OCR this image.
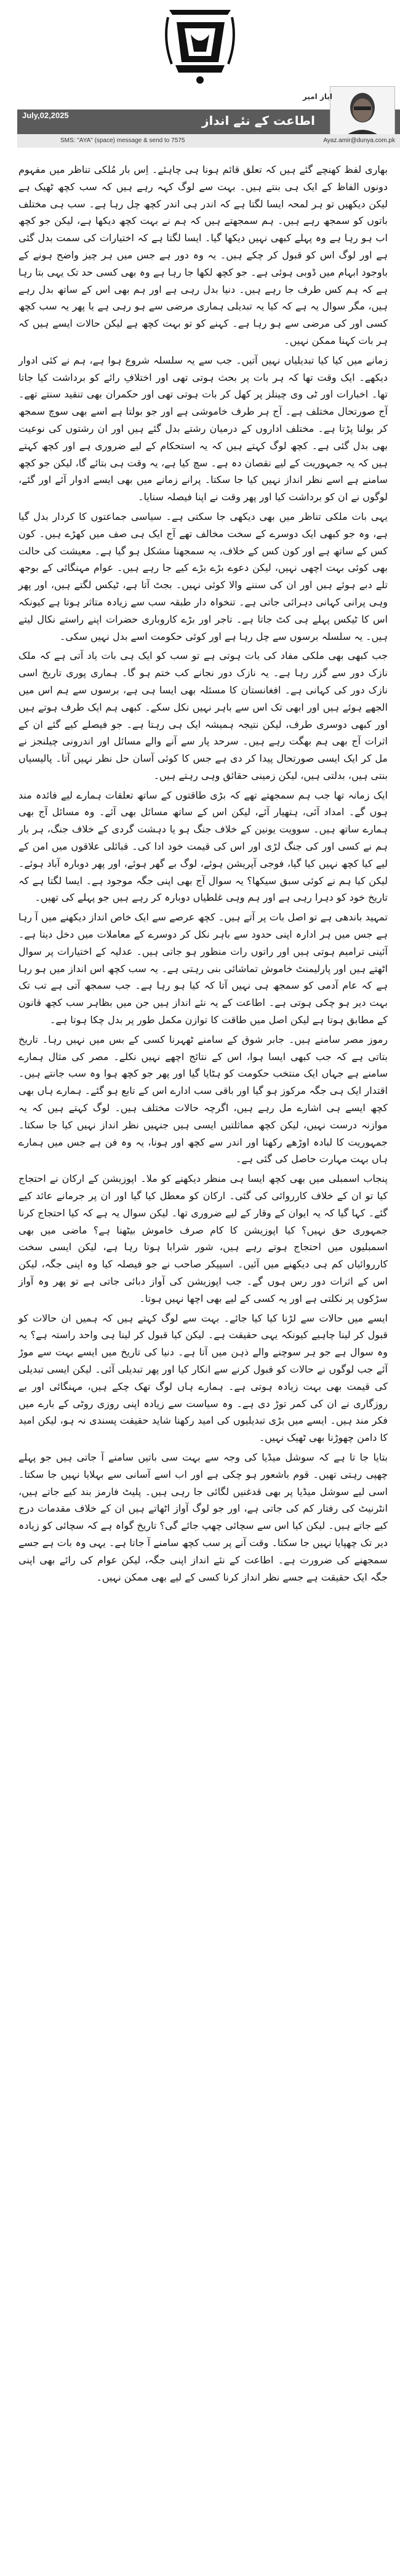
اطاعت کے نئے انداز
ایاز امیر
July,02,2025
SMS: "AYA" (space) message & send to 7575	Ayaz.amir@dunya.com.pk

بھاری لفظ کھنچے گئے ہیں کہ تعلق قائم ہونا ہی چاہئے۔ اِس بار مُلکی تناظر میں مفہوم دونوں الفاظ کے ایک ہی بنتے ہیں۔ بہت سے لوگ کہہ رہے ہیں کہ سب کچھ ٹھیک ہے لیکن دیکھیں تو ہر لمحہ ایسا لگتا ہے کہ اندر ہی اندر کچھ چل رہا ہے۔ سب ہی مختلف باتوں کو سمجھ رہے ہیں۔ ہم سمجھتے ہیں کہ ہم نے بہت کچھ دیکھا ہے، لیکن جو کچھ اب ہو رہا ہے وہ پہلے کبھی نہیں دیکھا گیا۔ ایسا لگتا ہے کہ اختیارات کی سمت بدل گئی ہے اور لوگ اس کو قبول کر چکے ہیں۔ یہ وہ دور ہے جس میں ہر چیز واضح ہونے کے باوجود ابہام میں ڈوبی ہوئی ہے۔ جو کچھ لکھا جا رہا ہے وہ بھی کسی حد تک یہی بتا رہا ہے کہ ہم کس طرف جا رہے ہیں۔ دنیا بدل رہی ہے اور ہم بھی اس کے ساتھ بدل رہے ہیں، مگر سوال یہ ہے کہ کیا یہ تبدیلی ہماری مرضی سے ہو رہی ہے یا پھر یہ سب کچھ کسی اور کی مرضی سے ہو رہا ہے۔ کہنے کو تو بہت کچھ ہے لیکن حالات ایسے ہیں کہ ہر بات کہنا ممکن نہیں۔

زمانے میں کیا کیا تبدیلیاں نہیں آتیں۔ جب سے یہ سلسلہ شروع ہوا ہے، ہم نے کئی ادوار دیکھے۔ ایک وقت تھا کہ ہر بات پر بحث ہوتی تھی اور اختلافِ رائے کو برداشت کیا جاتا تھا۔ اخبارات اور ٹی وی چینلز پر کھل کر بات ہوتی تھی اور حکمران بھی تنقید سنتے تھے۔ آج صورتحال مختلف ہے۔ آج ہر طرف خاموشی ہے اور جو بولتا ہے اسے بھی سوچ سمجھ کر بولنا پڑتا ہے۔ مختلف اداروں کے درمیان رشتے بدل گئے ہیں اور ان رشتوں کی نوعیت بھی بدل گئی ہے۔ کچھ لوگ کہتے ہیں کہ یہ استحکام کے لیے ضروری ہے اور کچھ کہتے ہیں کہ یہ جمہوریت کے لیے نقصان دہ ہے۔ سچ کیا ہے، یہ وقت ہی بتائے گا، لیکن جو کچھ سامنے ہے اسے نظر انداز نہیں کیا جا سکتا۔ پرانے زمانے میں بھی ایسے ادوار آئے اور گئے، لوگوں نے ان کو برداشت کیا اور پھر وقت نے اپنا فیصلہ سنایا۔

یہی بات ملکی تناظر میں بھی دیکھی جا سکتی ہے۔ سیاسی جماعتوں کا کردار بدل گیا ہے، وہ جو کبھی ایک دوسرے کے سخت مخالف تھے آج ایک ہی صف میں کھڑے ہیں۔ کون کس کے ساتھ ہے اور کون کس کے خلاف، یہ سمجھنا مشکل ہو گیا ہے۔ معیشت کی حالت بھی کوئی بہت اچھی نہیں، لیکن دعوے بڑے بڑے کیے جا رہے ہیں۔ عوام مہنگائی کے بوجھ تلے دبے ہوئے ہیں اور ان کی سننے والا کوئی نہیں۔ بجٹ آتا ہے، ٹیکس لگتے ہیں، اور پھر وہی پرانی کہانی دہرائی جاتی ہے۔ تنخواہ دار طبقہ سب سے زیادہ متاثر ہوتا ہے کیونکہ اس کا ٹیکس پہلے ہی کٹ جاتا ہے۔ تاجر اور بڑے کاروباری حضرات اپنے راستے نکال لیتے ہیں۔ یہ سلسلہ برسوں سے چل رہا ہے اور کوئی حکومت اسے بدل نہیں سکی۔

جب کبھی بھی ملکی مفاد کی بات ہوتی ہے تو سب کو ایک ہی بات یاد آتی ہے کہ ملک نازک دور سے گزر رہا ہے۔ یہ نازک دور نجانے کب ختم ہو گا۔ ہماری پوری تاریخ اسی نازک دور کی کہانی ہے۔ افغانستان کا مسئلہ بھی ایسا ہی ہے، برسوں سے ہم اس میں الجھے ہوئے ہیں اور ابھی تک اس سے باہر نہیں نکل سکے۔ کبھی ہم ایک طرف ہوتے ہیں اور کبھی دوسری طرف، لیکن نتیجہ ہمیشہ ایک ہی رہتا ہے۔ جو فیصلے کیے گئے ان کے اثرات آج بھی ہم بھگت رہے ہیں۔ سرحد پار سے آنے والے مسائل اور اندرونی چیلنجز نے مل کر ایک ایسی صورتحال پیدا کر دی ہے جس کا کوئی آسان حل نظر نہیں آتا۔ پالیسیاں بنتی ہیں، بدلتی ہیں، لیکن زمینی حقائق وہی رہتے ہیں۔

ایک زمانہ تھا جب ہم سمجھتے تھے کہ بڑی طاقتوں کے ساتھ تعلقات ہمارے لیے فائدہ مند ہوں گے۔ امداد آئی، ہتھیار آئے، لیکن اس کے ساتھ مسائل بھی آئے۔ وہ مسائل آج بھی ہمارے ساتھ ہیں۔ سوویت یونین کے خلاف جنگ ہو یا دہشت گردی کے خلاف جنگ، ہر بار ہم نے کسی اور کی جنگ لڑی اور اس کی قیمت خود ادا کی۔ قبائلی علاقوں میں امن کے لیے کیا کچھ نہیں کیا گیا، فوجی آپریشن ہوئے، لوگ بے گھر ہوئے، اور پھر دوبارہ آباد ہوئے۔ لیکن کیا ہم نے کوئی سبق سیکھا؟ یہ سوال آج بھی اپنی جگہ موجود ہے۔ ایسا لگتا ہے کہ تاریخ خود کو دہرا رہی ہے اور ہم وہی غلطیاں دوبارہ کر رہے ہیں جو پہلے کی تھیں۔

تمہید باندھی ہے تو اصل بات پر آتے ہیں۔ کچھ عرصے سے ایک خاص انداز دیکھنے میں آ رہا ہے جس میں ہر ادارہ اپنی حدود سے باہر نکل کر دوسرے کے معاملات میں دخل دیتا ہے۔ آئینی ترامیم ہوتی ہیں اور راتوں رات منظور ہو جاتی ہیں۔ عدلیہ کے اختیارات پر سوال اٹھتے ہیں اور پارلیمنٹ خاموش تماشائی بنی رہتی ہے۔ یہ سب کچھ اس انداز میں ہو رہا ہے کہ عام آدمی کو سمجھ ہی نہیں آتا کہ کیا ہو رہا ہے۔ جب سمجھ آتی ہے تب تک بہت دیر ہو چکی ہوتی ہے۔ اطاعت کے یہ نئے انداز ہیں جن میں بظاہر سب کچھ قانون کے مطابق ہوتا ہے لیکن اصل میں طاقت کا توازن مکمل طور پر بدل چکا ہوتا ہے۔

رموز مصر سامنے ہیں۔ جابر شوق کے سامنے ٹھہرنا کسی کے بس میں نہیں رہا۔ تاریخ بتاتی ہے کہ جب کبھی ایسا ہوا، اس کے نتائج اچھے نہیں نکلے۔ مصر کی مثال ہمارے سامنے ہے جہاں ایک منتخب حکومت کو ہٹایا گیا اور پھر جو کچھ ہوا وہ سب جانتے ہیں۔ اقتدار ایک ہی جگہ مرکوز ہو گیا اور باقی سب ادارے اس کے تابع ہو گئے۔ ہمارے ہاں بھی کچھ ایسے ہی اشارے مل رہے ہیں، اگرچہ حالات مختلف ہیں۔ لوگ کہتے ہیں کہ یہ موازنہ درست نہیں، لیکن کچھ مماثلتیں ایسی ہیں جنہیں نظر انداز نہیں کیا جا سکتا۔ جمہوریت کا لبادہ اوڑھے رکھنا اور اندر سے کچھ اور ہونا، یہ وہ فن ہے جس میں ہمارے ہاں بہت مہارت حاصل کی گئی ہے۔

پنجاب اسمبلی میں بھی کچھ ایسا ہی منظر دیکھنے کو ملا۔ اپوزیشن کے ارکان نے احتجاج کیا تو ان کے خلاف کارروائی کی گئی۔ ارکان کو معطل کیا گیا اور ان پر جرمانے عائد کیے گئے۔ کہا گیا کہ یہ ایوان کے وقار کے لیے ضروری تھا۔ لیکن سوال یہ ہے کہ کیا احتجاج کرنا جمہوری حق نہیں؟ کیا اپوزیشن کا کام صرف خاموش بیٹھنا ہے؟ ماضی میں بھی اسمبلیوں میں احتجاج ہوتے رہے ہیں، شور شرابا ہوتا رہا ہے، لیکن ایسی سخت کارروائیاں کم ہی دیکھنے میں آئیں۔ اسپیکر صاحب نے جو فیصلہ کیا وہ اپنی جگہ، لیکن اس کے اثرات دور رس ہوں گے۔ جب اپوزیشن کی آواز دبائی جاتی ہے تو پھر وہ آواز سڑکوں پر نکلتی ہے اور یہ کسی کے لیے بھی اچھا نہیں ہوتا۔

ایسے میں حالات سے لڑنا کیا کیا جائے۔ بہت سے لوگ کہتے ہیں کہ ہمیں ان حالات کو قبول کر لینا چاہیے کیونکہ یہی حقیقت ہے۔ لیکن کیا قبول کر لینا ہی واحد راستہ ہے؟ یہ وہ سوال ہے جو ہر سوچنے والے ذہن میں آتا ہے۔ دنیا کی تاریخ میں ایسے بہت سے موڑ آئے جب لوگوں نے حالات کو قبول کرنے سے انکار کیا اور پھر تبدیلی آئی۔ لیکن ایسی تبدیلی کی قیمت بھی بہت زیادہ ہوتی ہے۔ ہمارے ہاں لوگ تھک چکے ہیں، مہنگائی اور بے روزگاری نے ان کی کمر توڑ دی ہے۔ وہ سیاست سے زیادہ اپنی روزی روٹی کے بارے میں فکر مند ہیں۔ ایسے میں بڑی تبدیلیوں کی امید رکھنا شاید حقیقت پسندی نہ ہو، لیکن امید کا دامن چھوڑنا بھی ٹھیک نہیں۔

بتایا جا تا ہے کہ سوشل میڈیا کی وجہ سے بہت سی باتیں سامنے آ جاتی ہیں جو پہلے چھپی رہتی تھیں۔ قوم باشعور ہو چکی ہے اور اب اسے آسانی سے بہلایا نہیں جا سکتا۔ اسی لیے سوشل میڈیا پر بھی قدغنیں لگائی جا رہی ہیں۔ پلیٹ فارمز بند کیے جاتے ہیں، انٹرنیٹ کی رفتار کم کی جاتی ہے، اور جو لوگ آواز اٹھاتے ہیں ان کے خلاف مقدمات درج کیے جاتے ہیں۔ لیکن کیا اس سے سچائی چھپ جائے گی؟ تاریخ گواہ ہے کہ سچائی کو زیادہ دیر تک چھپایا نہیں جا سکتا۔ وقت آنے پر سب کچھ سامنے آ جاتا ہے۔ یہی وہ بات ہے جسے سمجھنے کی ضرورت ہے۔ اطاعت کے نئے انداز اپنی جگہ، لیکن عوام کی رائے بھی اپنی جگہ ایک حقیقت ہے جسے نظر انداز کرنا کسی کے لیے بھی ممکن نہیں۔
